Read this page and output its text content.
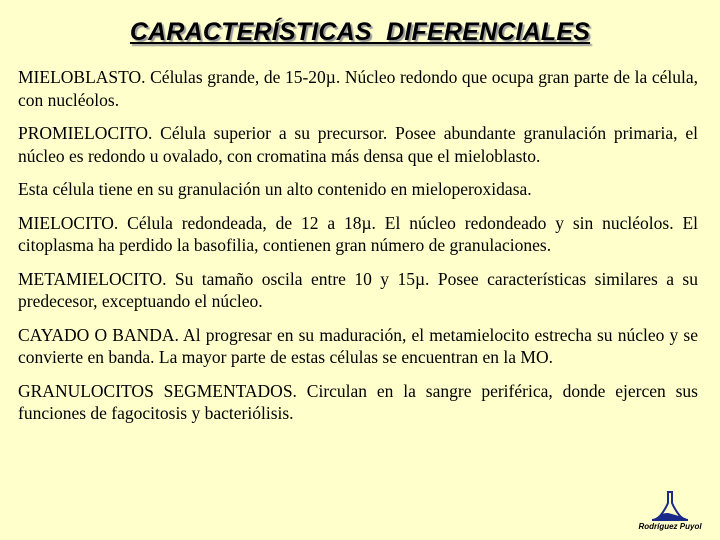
CARACTERÍSTICAS  DIFERENCIALES

MIELOBLASTO. Células grande, de 15-20µ. Núcleo redondo que ocupa gran parte de la célula, con nucléolos.

PROMIELOCITO. Célula superior a su precursor. Posee abundante granulación primaria, el núcleo es redondo u ovalado, con cromatina más densa que el mieloblasto.

Esta célula tiene en su granulación un alto contenido en mieloperoxidasa.

MIELOCITO. Célula redondeada, de 12 a 18µ. El núcleo redondeado y sin nucléolos. El citoplasma ha perdido la basofilia, contienen gran número de granulaciones.

METAMIELOCITO. Su tamaño oscila entre 10 y 15µ. Posee características similares a su predecesor, exceptuando el núcleo.

CAYADO O BANDA. Al progresar en su maduración, el metamielocito estrecha su núcleo y se convierte en banda. La mayor parte de estas células se encuentran en la MO.

GRANULOCITOS SEGMENTADOS. Circulan en la sangre periférica, donde ejercen sus funciones de fagocitosis y bacteriólisis.

Rodríguez Puyol
